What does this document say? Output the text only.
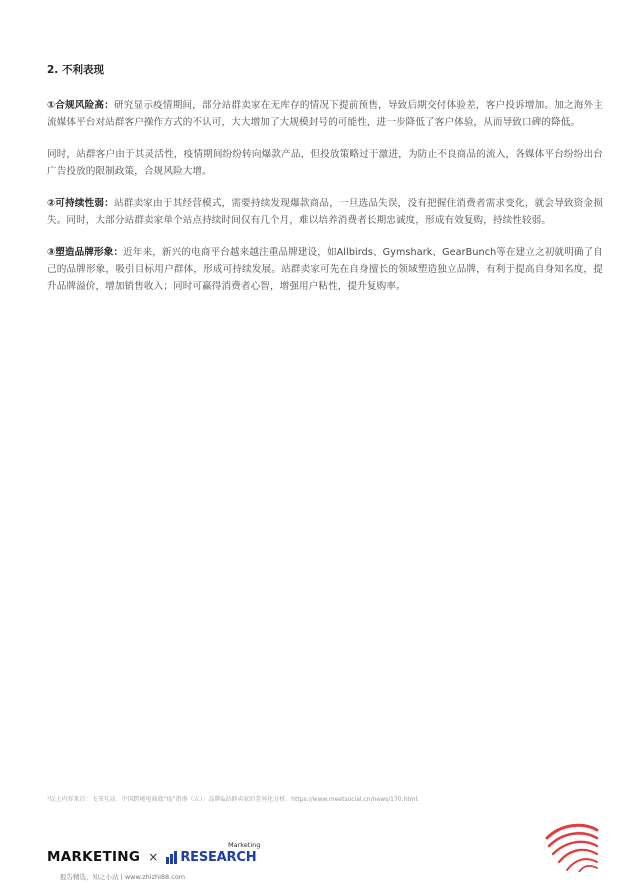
2. 不利表现

①合规风险高：研究显示疫情期间，部分站群卖家在无库存的情况下提前预售，导致后期交付体验差，客户投诉增加。加之海外主流媒体平台对站群客户操作方式的不认可，大大增加了大规模封号的可能性，进一步降低了客户体验，从而导致口碑的降低。

同时，站群客户由于其灵活性，疫情期间纷纷转向爆款产品，但投放策略过于激进，为防止不良商品的流入，各媒体平台纷纷出台广告投放的限制政策，合规风险大增。

②可持续性弱：站群卖家由于其经营模式，需要持续发现爆款商品，一旦选品失误，没有把握住消费者需求变化，就会导致资金损失。同时，大部分站群卖家单个站点持续时间仅有几个月，难以培养消费者长期忠诚度，形成有效复购，持续性较弱。

③塑造品牌形象：近年来，新兴的电商平台越来越注重品牌建设，如Allbirds、Gymshark、GearBunch等在建立之初就明确了自己的品牌形象，吸引目标用户群体，形成可持续发展。站群卖家可先在自身擅长的领域塑造独立品牌，有利于提高自身知名度，提升品牌溢价，增加销售收入；同时可赢得消费者心智，增强用户粘性，提升复购率。

¹以上内容来自：飞书互动．中国跨境电商战“疫”指南（五）：品牌&站群卖家的差异化分析．https://www.meetsocial.cn/news/170.html.
MARKETING ×
Marketing
RESEARCH
报告精选，知之小站 | www.zhizhi88.com
